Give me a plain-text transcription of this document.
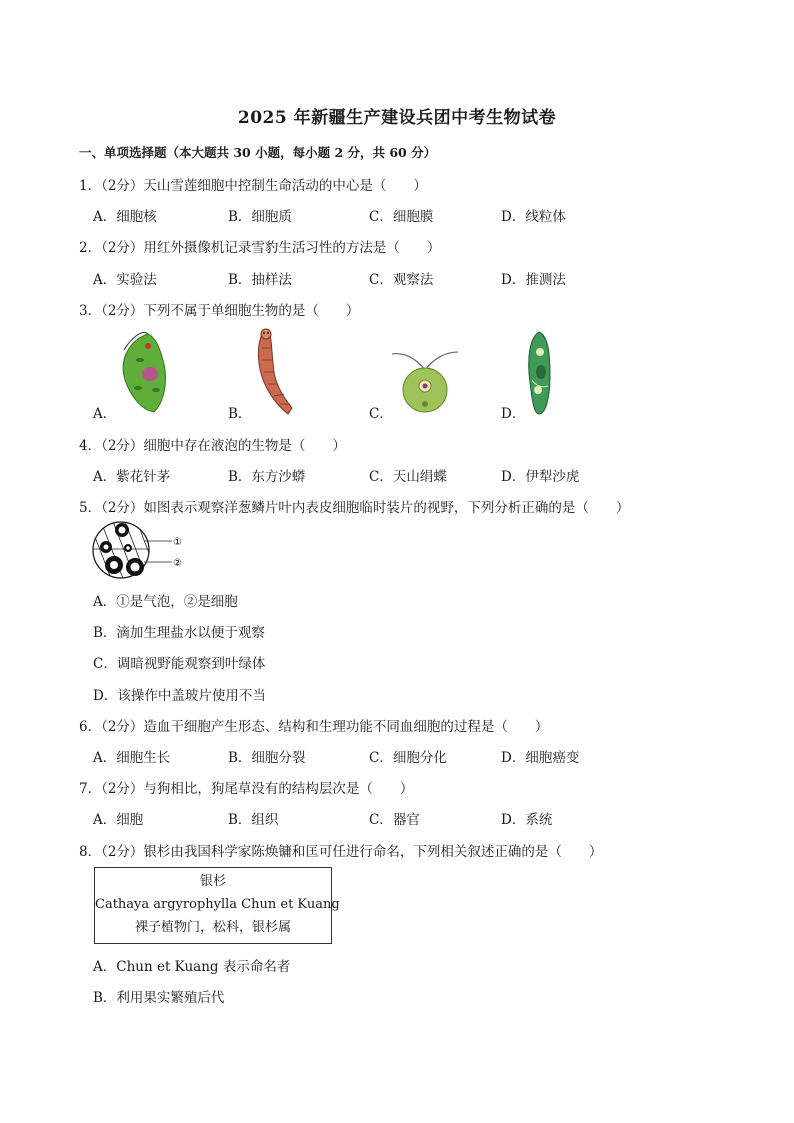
2025 年新疆生产建设兵团中考生物试卷
一、单项选择题（本大题共 30 小题，每小题 2 分，共 60 分）
1．（2分）天山雪莲细胞中控制生命活动的中心是（　　）
A．细胞核	B．细胞质	C．细胞膜	D．线粒体
2．（2分）用红外摄像机记录雪豹生活习性的方法是（　　）
A．实验法	B．抽样法	C．观察法	D．推测法
3．（2分）下列不属于单细胞生物的是（　　）
A．	B．	C．	D．
4．（2分）细胞中存在液泡的生物是（　　）
A．紫花针茅	B．东方沙蟒	C．天山绢蝶	D．伊犁沙虎
5．（2分）如图表示观察洋葱鳞片叶内表皮细胞临时装片的视野，下列分析正确的是（　　）
①
②
A．①是气泡，②是细胞
B．滴加生理盐水以便于观察
C．调暗视野能观察到叶绿体
D．该操作中盖玻片使用不当
6．（2分）造血干细胞产生形态、结构和生理功能不同血细胞的过程是（　　）
A．细胞生长	B．细胞分裂	C．细胞分化	D．细胞癌变
7．（2分）与狗相比，狗尾草没有的结构层次是（　　）
A．细胞	B．组织	C．器官	D．系统
8．（2分）银杉由我国科学家陈焕镛和匡可任进行命名，下列相关叙述正确的是（　　）
银杉
Cathaya argyrophylla Chun et Kuang
裸子植物门，松科，银杉属
A．Chun et Kuang 表示命名者
B．利用果实繁殖后代
